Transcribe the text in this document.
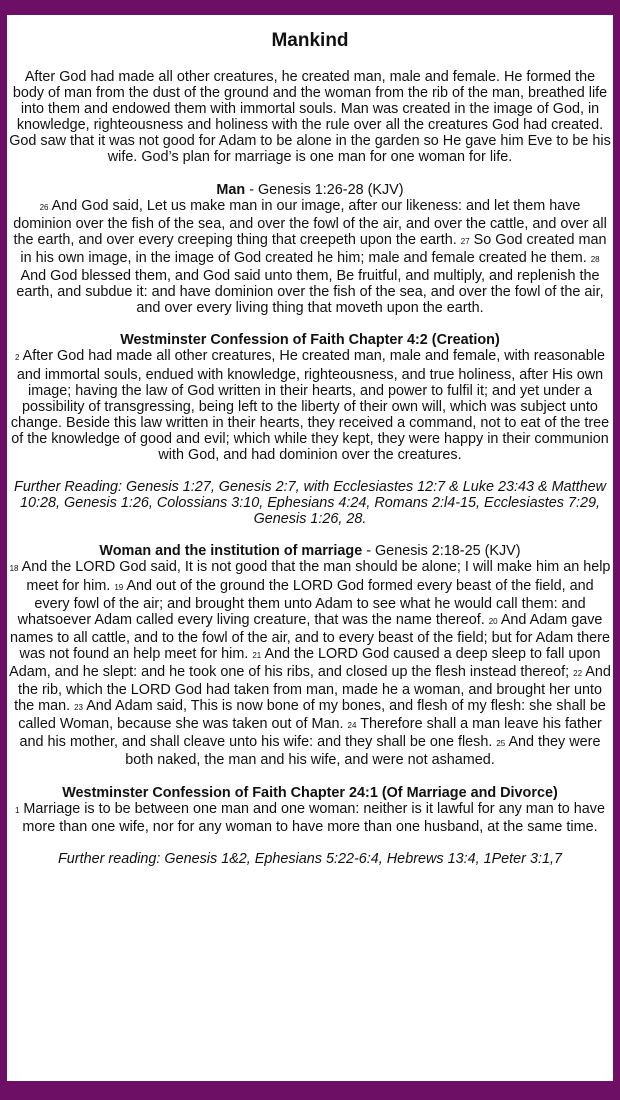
Mankind

After God had made all other creatures, he created man, male and female. He formed the body of man from the dust of the ground and the woman from the rib of the man, breathed life into them and endowed them with immortal souls. Man was created in the image of God, in knowledge, righteousness and holiness with the rule over all the creatures God had created. God saw that it was not good for Adam to be alone in the garden so He gave him Eve to be his wife. God’s plan for marriage is one man for one woman for life.

Man - Genesis 1:26-28 (KJV)

26 And God said, Let us make man in our image, after our likeness: and let them have dominion over the fish of the sea, and over the fowl of the air, and over the cattle, and over all the earth, and over every creeping thing that creepeth upon the earth. 27 So God created man in his own image, in the image of God created he him; male and female created he them. 28 And God blessed them, and God said unto them, Be fruitful, and multiply, and replenish the earth, and subdue it: and have dominion over the fish of the sea, and over the fowl of the air, and over every living thing that moveth upon the earth.

Westminster Confession of Faith Chapter 4:2 (Creation)

2 After God had made all other creatures, He created man, male and female, with reasonable and immortal souls, endued with knowledge, righteousness, and true holiness, after His own image; having the law of God written in their hearts, and power to fulfil it; and yet under a possibility of transgressing, being left to the liberty of their own will, which was subject unto change. Beside this law written in their hearts, they received a command, not to eat of the tree of the knowledge of good and evil; which while they kept, they were happy in their communion with God, and had dominion over the creatures.

Further Reading: Genesis 1:27, Genesis 2:7, with Ecclesiastes 12:7 & Luke 23:43 & Matthew 10:28, Genesis 1:26, Colossians 3:10, Ephesians 4:24, Romans 2:l4-15, Ecclesiastes 7:29, Genesis 1:26, 28.

Woman and the institution of marriage - Genesis 2:18-25 (KJV)

18 And the LORD God said, It is not good that the man should be alone; I will make him an help meet for him. 19 And out of the ground the LORD God formed every beast of the field, and every fowl of the air; and brought them unto Adam to see what he would call them: and whatsoever Adam called every living creature, that was the name thereof. 20 And Adam gave names to all cattle, and to the fowl of the air, and to every beast of the field; but for Adam there was not found an help meet for him. 21 And the LORD God caused a deep sleep to fall upon Adam, and he slept: and he took one of his ribs, and closed up the flesh instead thereof; 22 And the rib, which the LORD God had taken from man, made he a woman, and brought her unto the man. 23 And Adam said, This is now bone of my bones, and flesh of my flesh: she shall be called Woman, because she was taken out of Man. 24 Therefore shall a man leave his father and his mother, and shall cleave unto his wife: and they shall be one flesh. 25 And they were both naked, the man and his wife, and were not ashamed.

Westminster Confession of Faith Chapter 24:1 (Of Marriage and Divorce)

1 Marriage is to be between one man and one woman: neither is it lawful for any man to have more than one wife, nor for any woman to have more than one husband, at the same time.

Further reading: Genesis 1&2, Ephesians 5:22-6:4, Hebrews 13:4, 1Peter 3:1,7
